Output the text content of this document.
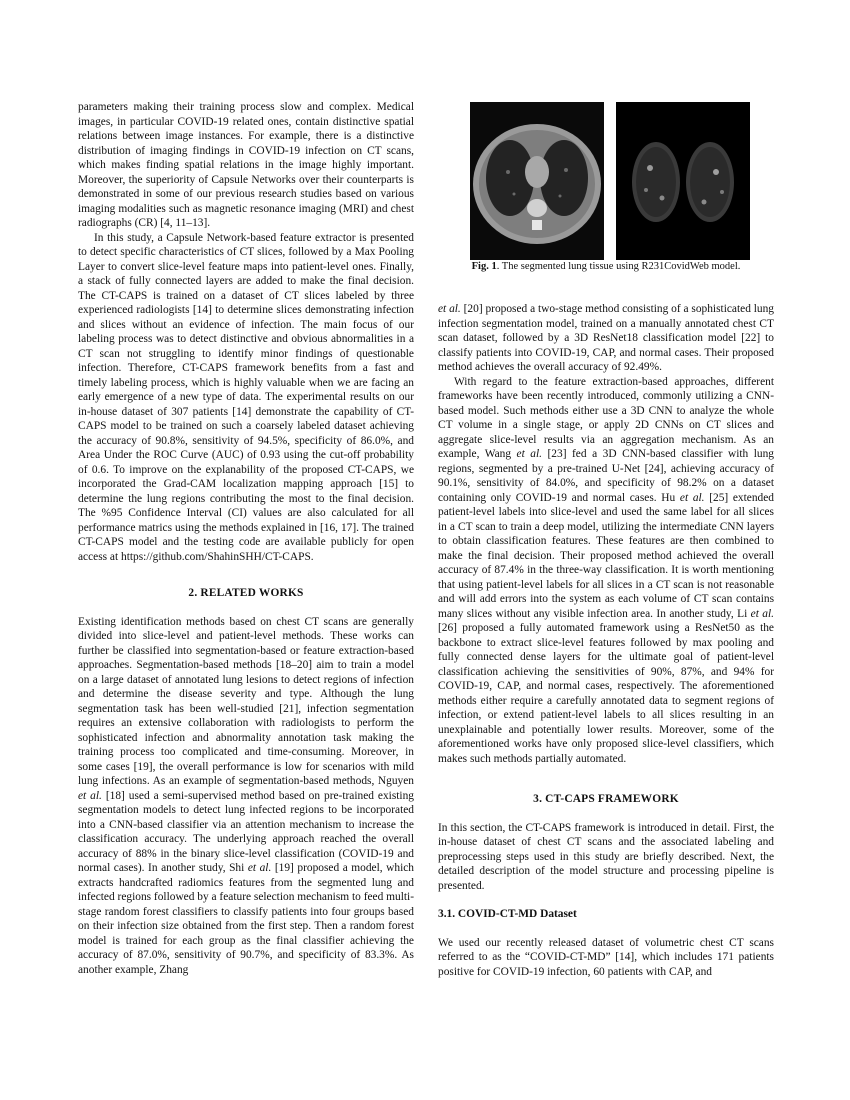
parameters making their training process slow and complex. Medical images, in particular COVID-19 related ones, contain distinctive spatial relations between image instances. For example, there is a distinctive distribution of imaging findings in COVID-19 infection on CT scans, which makes finding spatial relations in the image highly important. Moreover, the superiority of Capsule Networks over their counterparts is demonstrated in some of our previous research studies based on various imaging modalities such as magnetic resonance imaging (MRI) and chest radiographs (CR) [4, 11–13].

In this study, a Capsule Network-based feature extractor is presented to detect specific characteristics of CT slices, followed by a Max Pooling Layer to convert slice-level feature maps into patient-level ones. Finally, a stack of fully connected layers are added to make the final decision. The CT-CAPS is trained on a dataset of CT slices labeled by three experienced radiologists [14] to determine slices demonstrating infection and slices without an evidence of infection. The main focus of our labeling process was to detect distinctive and obvious abnormalities in a CT scan not struggling to identify minor findings of questionable infection. Therefore, CT-CAPS framework benefits from a fast and timely labeling process, which is highly valuable when we are facing an early emergence of a new type of data. The experimental results on our in-house dataset of 307 patients [14] demonstrate the capability of CT-CAPS model to be trained on such a coarsely labeled dataset achieving the accuracy of 90.8%, sensitivity of 94.5%, specificity of 86.0%, and Area Under the ROC Curve (AUC) of 0.93 using the cut-off probability of 0.6. To improve on the explanability of the proposed CT-CAPS, we incorporated the Grad-CAM localization mapping approach [15] to determine the lung regions contributing the most to the final decision. The %95 Confidence Interval (CI) values are also calculated for all performance matrics using the methods explained in [16, 17]. The trained CT-CAPS model and the testing code are available publicly for open access at https://github.com/ShahinSHH/CT-CAPS.

2. RELATED WORKS

Existing identification methods based on chest CT scans are generally divided into slice-level and patient-level methods. These works can further be classified into segmentation-based or feature extraction-based approaches. Segmentation-based methods [18–20] aim to train a model on a large dataset of annotated lung lesions to detect regions of infection and determine the disease severity and type. Although the lung segmentation task has been well-studied [21], infection segmentation requires an extensive collaboration with radiologists to perform the sophisticated infection and abnormality annotation task making the training process too complicated and time-consuming. Moreover, in some cases [19], the overall performance is low for scenarios with mild lung infections. As an example of segmentation-based methods, Nguyen et al. [18] used a semi-supervised method based on pre-trained existing segmentation models to detect lung infected regions to be incorporated into a CNN-based classifier via an attention mechanism to increase the classification accuracy. The underlying approach reached the overall accuracy of 88% in the binary slice-level classification (COVID-19 and normal cases). In another study, Shi et al. [19] proposed a model, which extracts handcrafted radiomics features from the segmented lung and infected regions followed by a feature selection mechanism to feed multi-stage random forest classifiers to classify patients into four groups based on their infection size obtained from the first step. Then a random forest model is trained for each group as the final classifier achieving the accuracy of 87.0%, sensitivity of 90.7%, and specificity of 83.3%. As another example, Zhang

Fig. 1. The segmented lung tissue using R231CovidWeb model.

et al. [20] proposed a two-stage method consisting of a sophisticated lung infection segmentation model, trained on a manually annotated chest CT scan dataset, followed by a 3D ResNet18 classification model [22] to classify patients into COVID-19, CAP, and normal cases. Their proposed method achieves the overall accuracy of 92.49%.

With regard to the feature extraction-based approaches, different frameworks have been recently introduced, commonly utilizing a CNN-based model. Such methods either use a 3D CNN to analyze the whole CT volume in a single stage, or apply 2D CNNs on CT slices and aggregate slice-level results via an aggregation mechanism. As an example, Wang et al. [23] fed a 3D CNN-based classifier with lung regions, segmented by a pre-trained U-Net [24], achieving accuracy of 90.1%, sensitivity of 84.0%, and specificity of 98.2% on a dataset containing only COVID-19 and normal cases. Hu et al. [25] extended patient-level labels into slice-level and used the same label for all slices in a CT scan to train a deep model, utilizing the intermediate CNN layers to obtain classification features. These features are then combined to make the final decision. Their proposed method achieved the overall accuracy of 87.4% in the three-way classification. It is worth mentioning that using patient-level labels for all slices in a CT scan is not reasonable and will add errors into the system as each volume of CT scan contains many slices without any visible infection area. In another study, Li et al. [26] proposed a fully automated framework using a ResNet50 as the backbone to extract slice-level features followed by max pooling and fully connected dense layers for the ultimate goal of patient-level classification achieving the sensitivities of 90%, 87%, and 94% for COVID-19, CAP, and normal cases, respectively. The aforementioned methods either require a carefully annotated data to segment regions of infection, or extend patient-level labels to all slices resulting in an unexplainable and potentially lower results. Moreover, some of the aforementioned works have only proposed slice-level classifiers, which makes such methods partially automated.

3. CT-CAPS FRAMEWORK

In this section, the CT-CAPS framework is introduced in detail. First, the in-house dataset of chest CT scans and the associated labeling and preprocessing steps used in this study are briefly described. Next, the detailed description of the model structure and processing pipeline is presented.

3.1. COVID-CT-MD Dataset

We used our recently released dataset of volumetric chest CT scans referred to as the “COVID-CT-MD” [14], which includes 171 patients positive for COVID-19 infection, 60 patients with CAP, and
